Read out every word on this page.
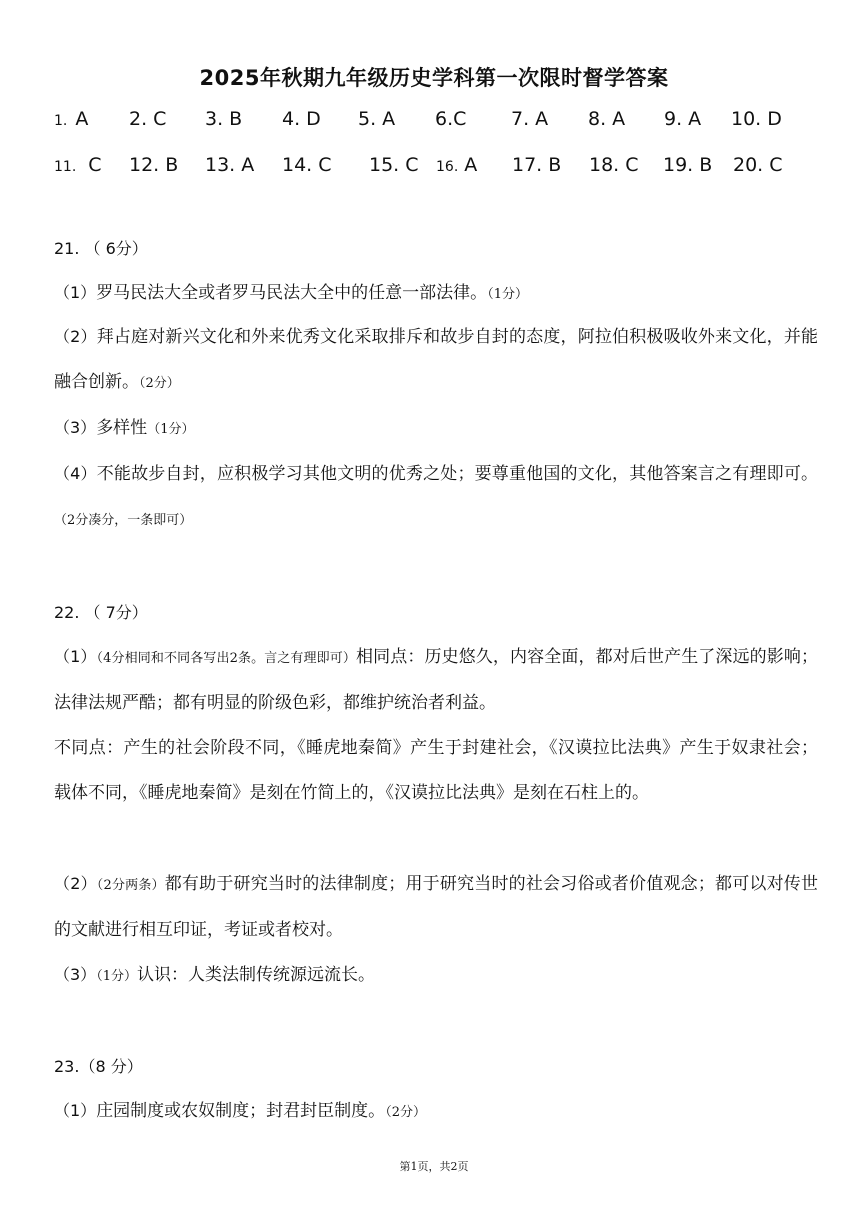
2025年秋期九年级历史学科第一次限时督学答案
1. A 2. C 3. B 4. D 5. A 6.C 7. A 8. A 9. A 10. D
11. C 12. B 13. A 14. C 15. C 16. A 17. B 18. C 19. B 20. C
21. （ 6分）
（1）罗马民法大全或者罗马民法大全中的任意一部法律。（1分）
（2）拜占庭对新兴文化和外来优秀文化采取排斥和故步自封的态度，阿拉伯积极吸收外来文化，并能融合创新。（2分）
（3）多样性（1分）
（4）不能故步自封，应积极学习其他文明的优秀之处；要尊重他国的文化，其他答案言之有理即可。（2分凑分，一条即可）
22. （ 7分）
（1）（4分相同和不同各写出2条。言之有理即可）相同点：历史悠久，内容全面，都对后世产生了深远的影响；法律法规严酷；都有明显的阶级色彩，都维护统治者利益。
不同点：产生的社会阶段不同，《睡虎地秦简》产生于封建社会，《汉谟拉比法典》产生于奴隶社会； 载体不同，《睡虎地秦简》是刻在竹简上的，《汉谟拉比法典》是刻在石柱上的。
（2）（2分两条）都有助于研究当时的法律制度；用于研究当时的社会习俗或者价值观念；都可以对传世的文献进行相互印证，考证或者校对。
（3）（1分）认识：人类法制传统源远流长。
23.（8 分）
（1）庄园制度或农奴制度；封君封臣制度。（2分）
第1页，共2页
